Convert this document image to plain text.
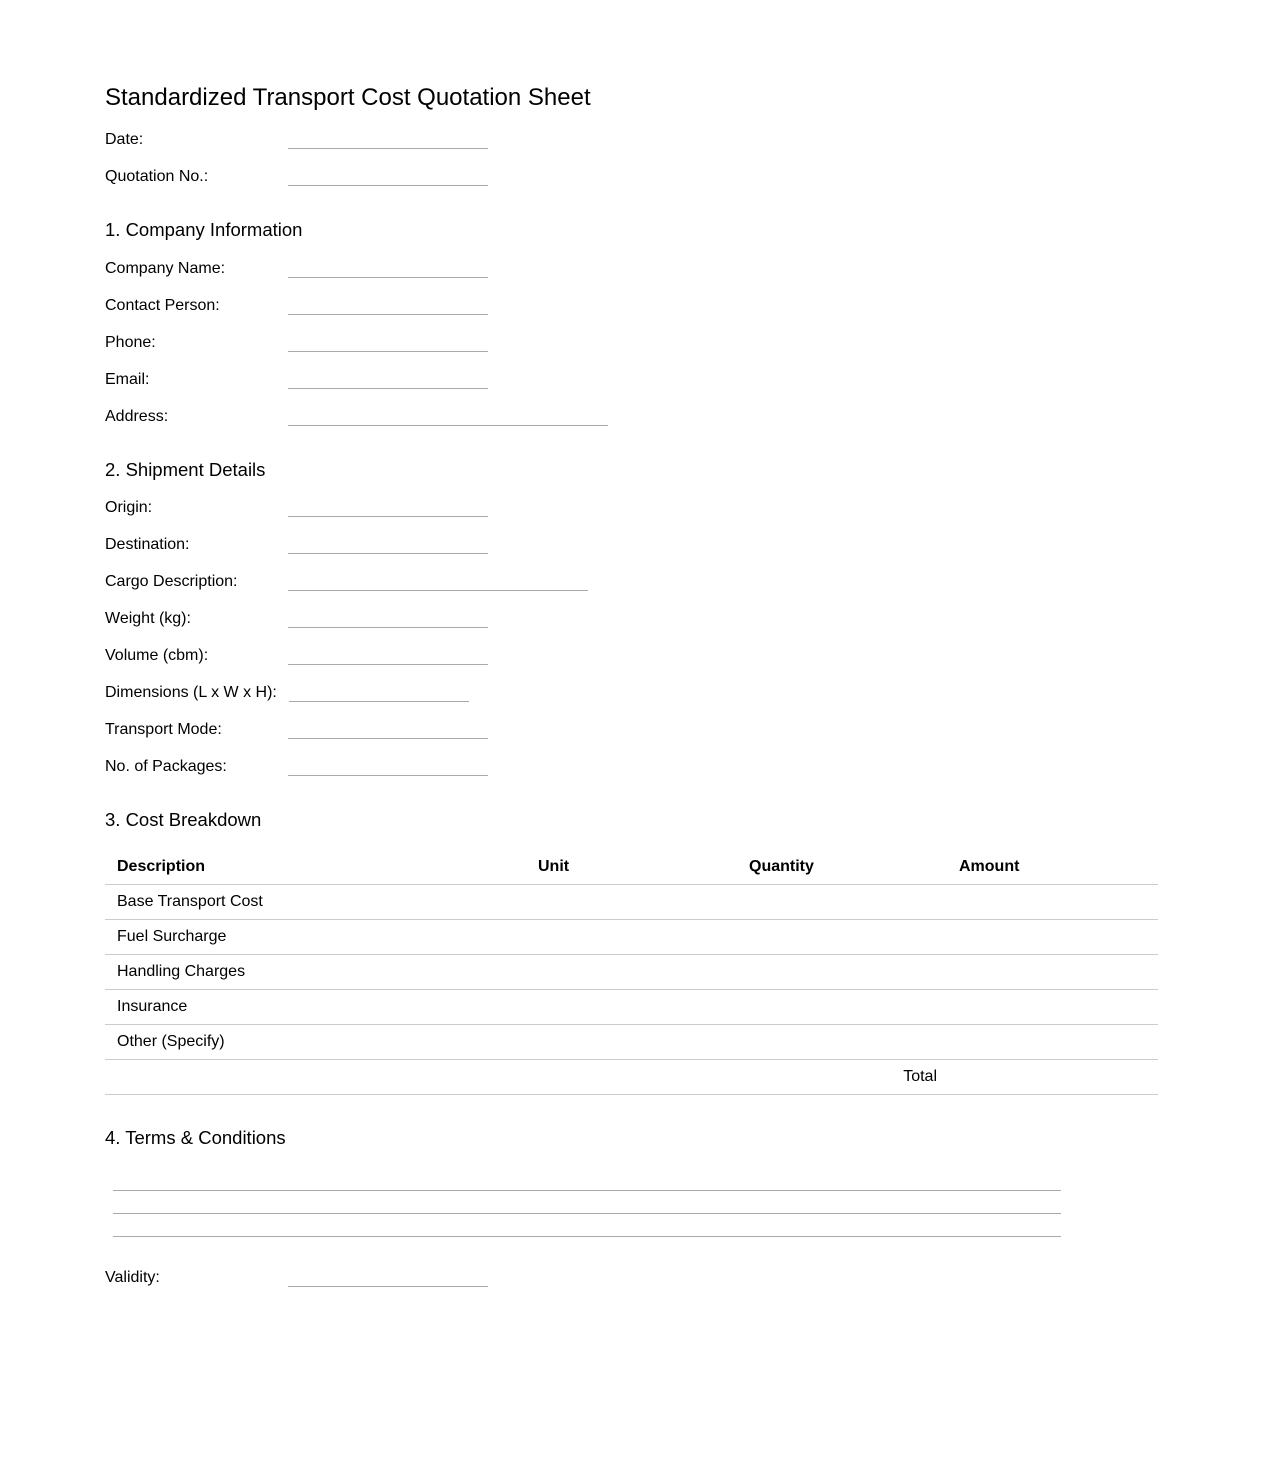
Standardized Transport Cost Quotation Sheet
Date:
Quotation No.:
1. Company Information
Company Name:
Contact Person:
Phone:
Email:
Address:
2. Shipment Details
Origin:
Destination:
Cargo Description:
Weight (kg):
Volume (cbm):
Dimensions (L x W x H):
Transport Mode:
No. of Packages:
3. Cost Breakdown
Description	Unit	Quantity	Amount
Base Transport Cost			
Fuel Surcharge			
Handling Charges			
Insurance			
Other (Specify)			
Total			
4. Terms & Conditions
Validity:
